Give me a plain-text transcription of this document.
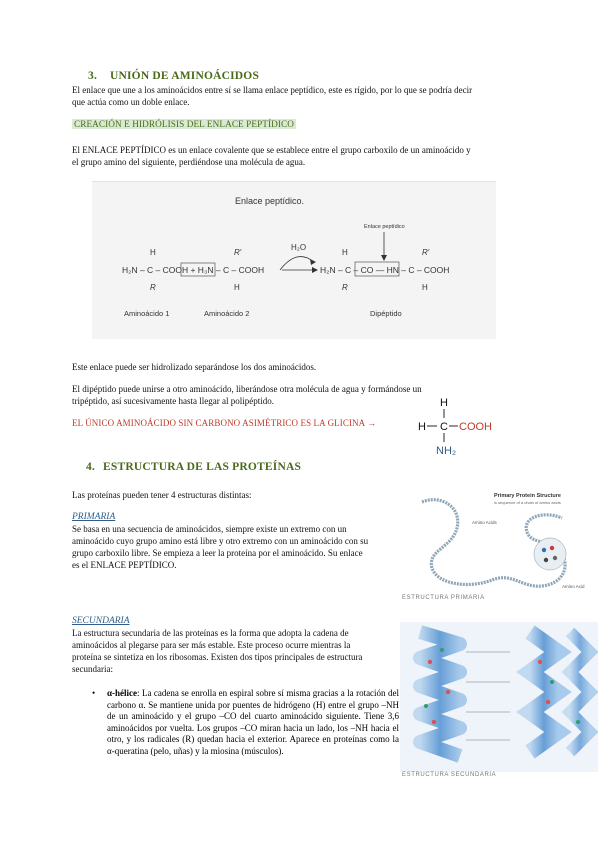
3. UNIÓN DE AMINOÁCIDOS
El enlace que une a los aminoácidos entre sí se llama enlace peptídico, este es rígido, por lo que se podría decir
que actúa como un doble enlace.
CREACIÓN E HIDRÓLISIS DEL ENLACE PEPTÍDICO
El ENLACE PEPTÍDICO es un enlace covalente que se establece entre el grupo carboxilo de un aminoácido y
el grupo amino del siguiente, perdiéndose una molécula de agua.
Enlace peptídico.
Enlace peptídico
H₂O
H	R′	H	R′
H₂N – C – COOH + H₃N – C – COOH	H₂N – C – CO — HN – C – COOH
R	H	R	H
Aminoácido 1	Aminoácido 2	Dipéptido
Este enlace puede ser hidrolizado separándose los dos aminoácidos.
El dipéptido puede unirse a otro aminoácido, liberándose otra molécula de agua y formándose un
tripéptido, así sucesivamente hasta llegar al polipéptido.
EL ÚNICO AMINOÁCIDO SIN CARBONO ASIMÉTRICO ES LA GLICINA →
H
H C COOH
NH₂
4. ESTRUCTURA DE LAS PROTEÍNAS
Las proteínas pueden tener 4 estructuras distintas:
PRIMARIA
Se basa en una secuencia de aminoácidos, siempre existe un extremo con un
aminoácido cuyo grupo amino está libre y otro extremo con un aminoácido con su
grupo carboxilo libre. Se empieza a leer la proteína por el aminoácido. Su enlace
es el ENLACE PEPTÍDICO.
Primary Protein Structure
is sequence of a chain of amino acids
Amino Acids
Amino Acid
ESTRUCTURA PRIMARIA
SECUNDARIA
La estructura secundaria de las proteínas es la forma que adopta la cadena de
aminoácidos al plegarse para ser más estable. Este proceso ocurre mientras la
proteína se sintetiza en los ribosomas. Existen dos tipos principales de estructura
secundaria:
• α-hélice: La cadena se enrolla en espiral sobre sí misma gracias a la rotación del carbono α. Se mantiene unida por puentes de hidrógeno (H) entre el grupo –NH de un aminoácido y el grupo –CO del cuarto aminoácido siguiente. Tiene 3,6 aminoácidos por vuelta. Los grupos –CO miran hacia un lado, los –NH hacia el otro, y los radicales (R) quedan hacia el exterior. Aparece en proteínas como la α-queratina (pelo, uñas) y la miosina (músculos).
ESTRUCTURA SECUNDARIA
